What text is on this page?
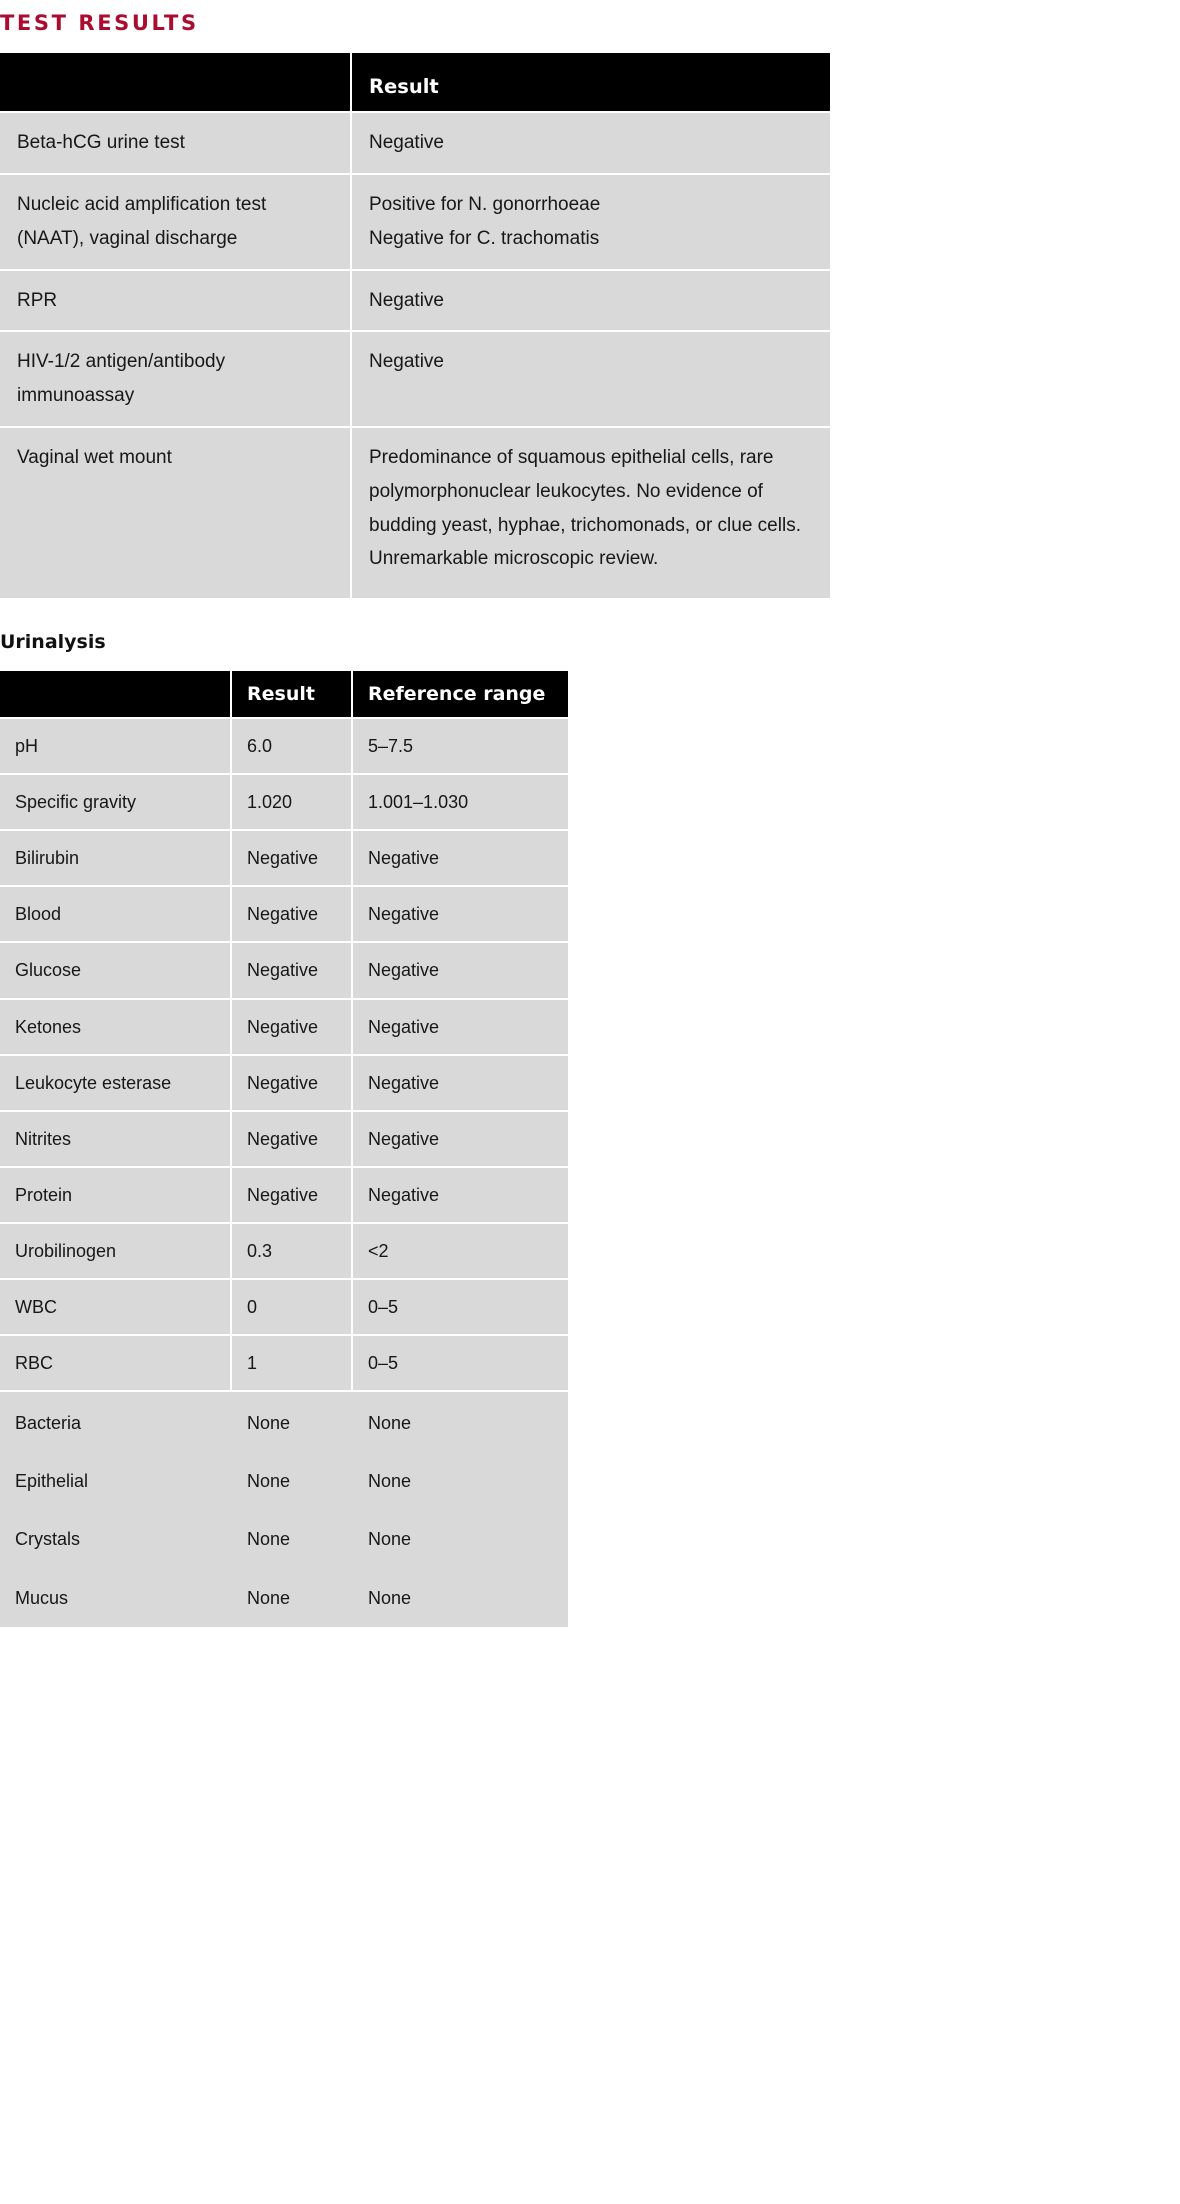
TEST RESULTS
	Result
Beta-hCG urine test	Negative
Nucleic acid amplification test (NAAT), vaginal discharge	Positive for N. gonorrhoeae
Negative for C. trachomatis

RPR	Negative
HIV-1/2 antigen/antibody immunoassay	Negative
Vaginal wet mount	Predominance of squamous epithelial cells, rare polymorphonuclear leukocytes. No evidence of budding yeast, hyphae, trichomonads, or clue cells. Unremarkable microscopic review.
Urinalysis
	Result	Reference range
pH	6.0	5–7.5
Specific gravity	1.020	1.001–1.030
Bilirubin	Negative	Negative
Blood	Negative	Negative
Glucose	Negative	Negative
Ketones	Negative	Negative
Leukocyte esterase	Negative	Negative
Nitrites	Negative	Negative
Protein	Negative	Negative
Urobilinogen	0.3	<2
WBC	0	0–5
RBC	1	0–5
Bacteria	None	None
Epithelial	None	None
Crystals	None	None
Mucus	None	None
